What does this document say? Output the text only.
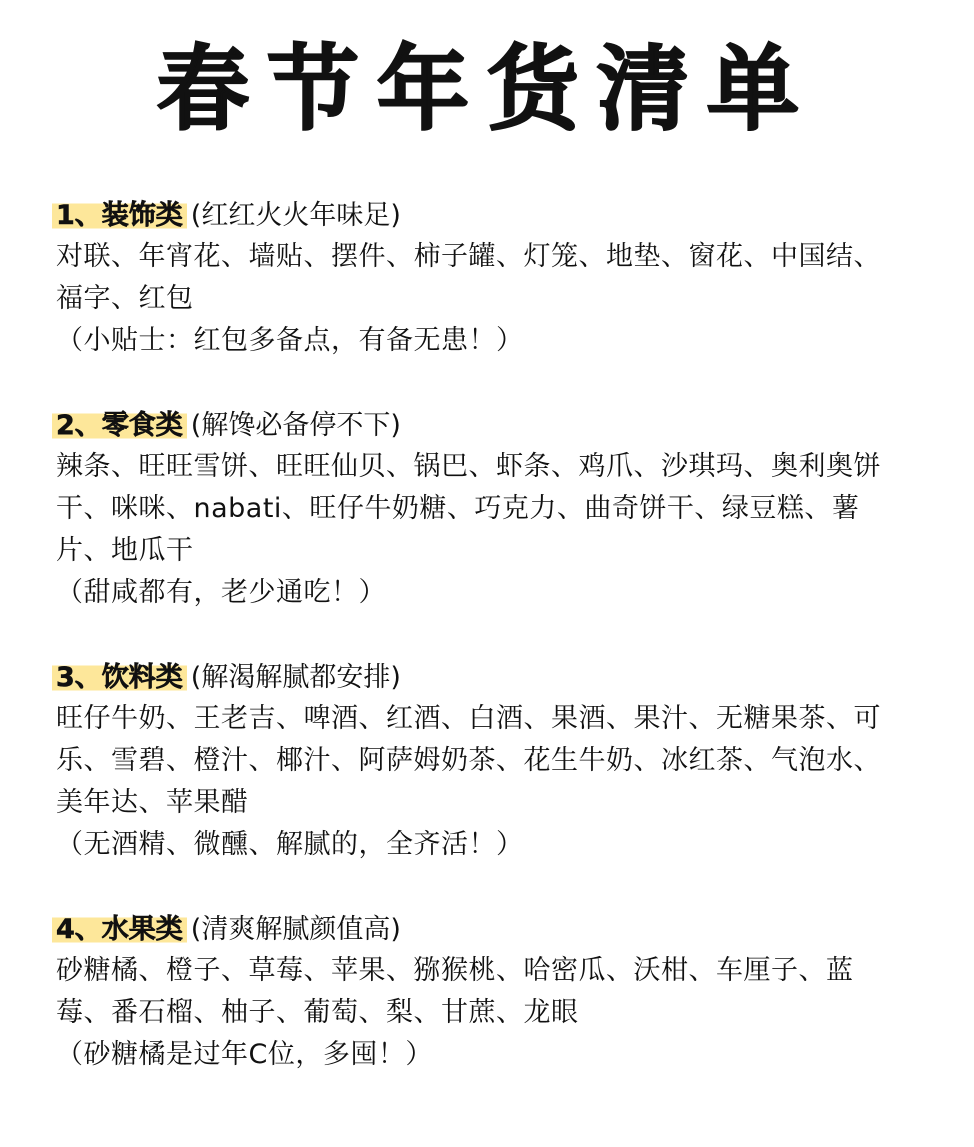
春节年货清单
1、装饰类 (红红火火年味足)
对联、年宵花、墙贴、摆件、柿子罐、灯笼、地垫、窗花、中国结、福字、红包
（小贴士：红包多备点，有备无患！）
2、零食类 (解馋必备停不下)
辣条、旺旺雪饼、旺旺仙贝、锅巴、虾条、鸡爪、沙琪玛、奥利奥饼干、咪咪、nabati、旺仔牛奶糖、巧克力、曲奇饼干、绿豆糕、薯片、地瓜干
（甜咸都有，老少通吃！）
3、饮料类 (解渴解腻都安排)
旺仔牛奶、王老吉、啤酒、红酒、白酒、果酒、果汁、无糖果茶、可乐、雪碧、橙汁、椰汁、阿萨姆奶茶、花生牛奶、冰红茶、气泡水、美年达、苹果醋
（无酒精、微醺、解腻的，全齐活！）
4、水果类 (清爽解腻颜值高)
砂糖橘、橙子、草莓、苹果、猕猴桃、哈密瓜、沃柑、车厘子、蓝莓、番石榴、柚子、葡萄、梨、甘蔗、龙眼
（砂糖橘是过年C位，多囤！）
